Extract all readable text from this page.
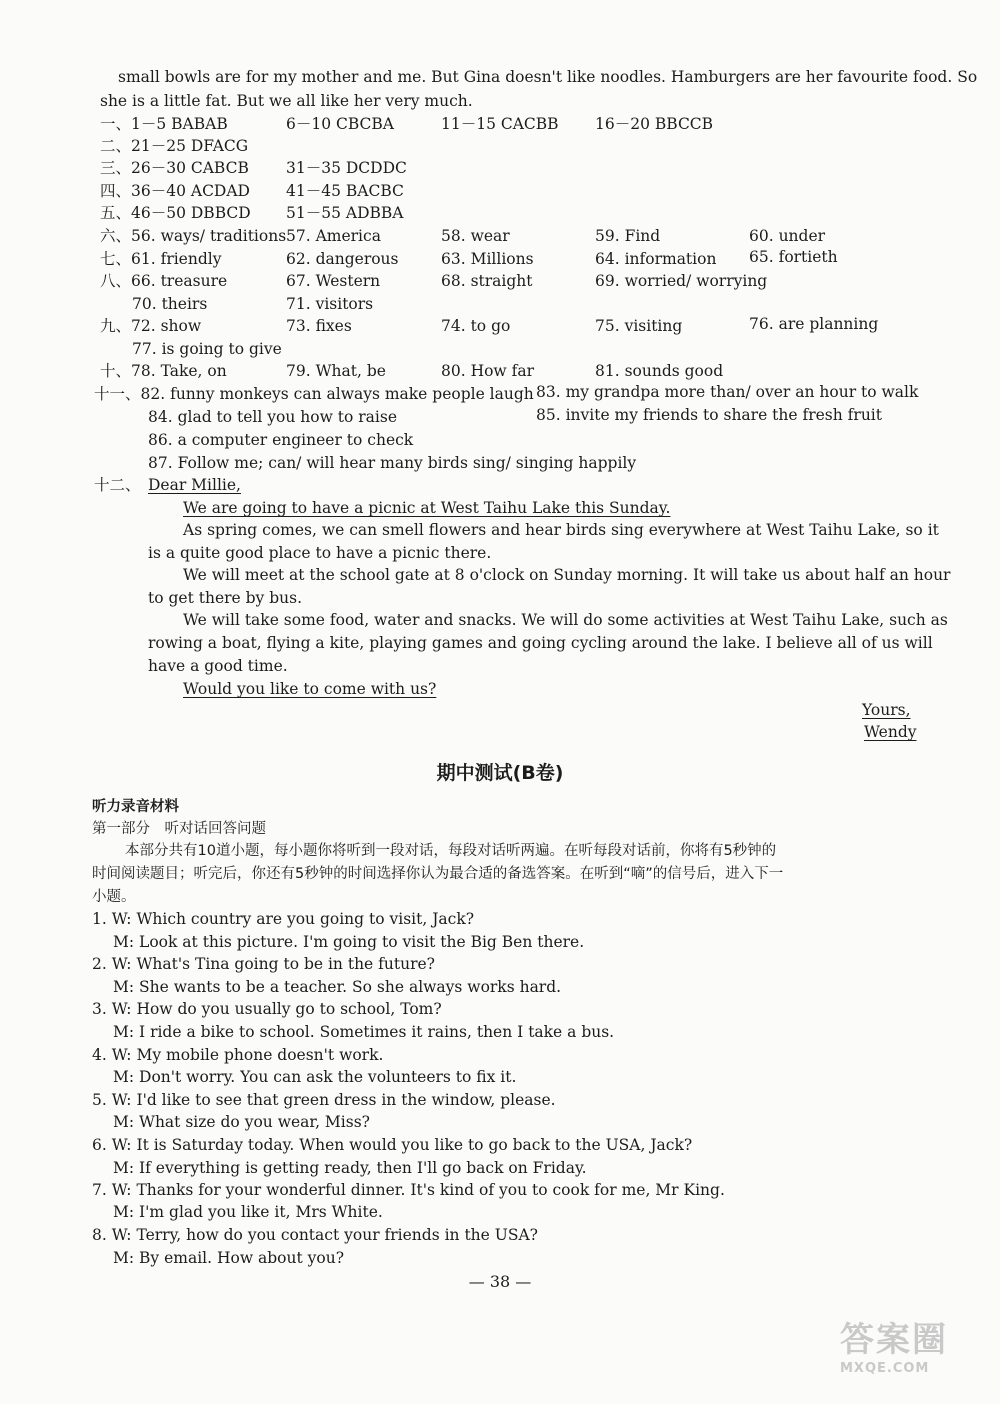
small bowls are for my mother and me. But Gina doesn't like noodles. Hamburgers are her favourite food. So
she is a little fat. But we all like her very much.
一、1－5 BABAB	6－10 CBCBA	11－15 CACBB 16－20 BBCCB
二、21－25 DFACG
三、26－30 CABCB 31－35 DCDDC
四、36－40 ACDAD 41－45 BACBC
五、46－50 DBBCD 51－55 ADBBA
六、56. ways/ traditions 57. America	58. wear	59. Find	60. under
七、61. friendly	62. dangerous	63. Millions	64. information 65. fortieth
八、66. treasure	67. Western	68. straight	69. worried/ worrying
70. theirs	71. visitors
九、72. show	73. fixes	74. to go	75. visiting	76. are planning
77. is going to give
十、78. Take, on	79. What, be	80. How far	81. sounds good
十一、82. funny monkeys can always make people laugh 83. my grandpa more than/ over an hour to walk
84. glad to tell you how to raise	85. invite my friends to share the fresh fruit
86. a computer engineer to check
87. Follow me; can/ will hear many birds sing/ singing happily
十二、 Dear Millie,
We are going to have a picnic at West Taihu Lake this Sunday.
As spring comes, we can smell flowers and hear birds sing everywhere at West Taihu Lake, so it
is a quite good place to have a picnic there.
We will meet at the school gate at 8 o'clock on Sunday morning. It will take us about half an hour
to get there by bus.
We will take some food, water and snacks. We will do some activities at West Taihu Lake, such as
rowing a boat, flying a kite, playing games and going cycling around the lake. I believe all of us will
have a good time.
Would you like to come with us?
Yours,
Wendy
期中测试(B卷)
听力录音材料
第一部分　听对话回答问题
本部分共有10道小题，每小题你将听到一段对话，每段对话听两遍。在听每段对话前，你将有5秒钟的
时间阅读题目；听完后，你还有5秒钟的时间选择你认为最合适的备选答案。在听到“嘀”的信号后，进入下一
小题。
1. W: Which country are you going to visit, Jack?
M: Look at this picture. I'm going to visit the Big Ben there.
2. W: What's Tina going to be in the future?
M: She wants to be a teacher. So she always works hard.
3. W: How do you usually go to school, Tom?
M: I ride a bike to school. Sometimes it rains, then I take a bus.
4. W: My mobile phone doesn't work.
M: Don't worry. You can ask the volunteers to fix it.
5. W: I'd like to see that green dress in the window, please.
M: What size do you wear, Miss?
6. W: It is Saturday today. When would you like to go back to the USA, Jack?
M: If everything is getting ready, then I'll go back on Friday.
7. W: Thanks for your wonderful dinner. It's kind of you to cook for me, Mr King.
M: I'm glad you like it, Mrs White.
8. W: Terry, how do you contact your friends in the USA?
M: By email. How about you?
— 38 —
答案圈
MXQE.COM
